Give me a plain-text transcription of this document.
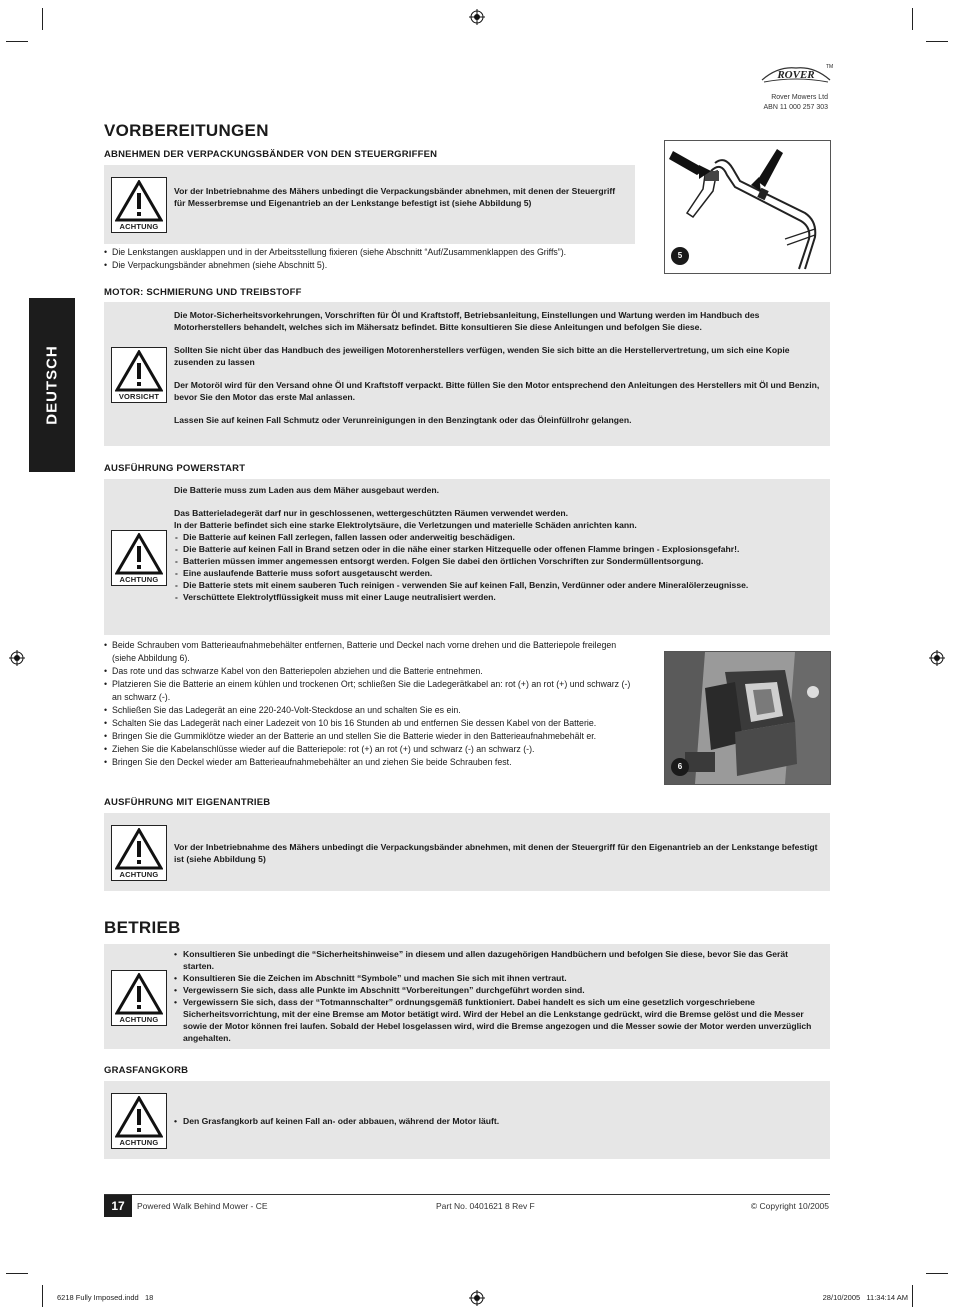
ROVER
TM
Rover Mowers Ltd
ABN 11 000 257 303
DEUTSCH
VORBEREITUNGEN
ABNEHMEN DER VERPACKUNGSBÄNDER VON DEN STEUERGRIFFEN
ACHTUNG
Vor der Inbetriebnahme des Mähers unbedingt die Verpackungsbänder abnehmen, mit denen der Steuergriff für Messerbremse und Eigenantrieb an der Lenkstange befestigt ist (siehe Abbildung 5)
• Die Lenkstangen ausklappen und in der Arbeitsstellung fixieren (siehe Abschnitt “Auf/Zusammenklappen des Griffs”).
• Die Verpackungsbänder abnehmen (siehe Abschnitt 5).
5
MOTOR: SCHMIERUNG UND TREIBSTOFF
VORSICHT

Die Motor-Sicherheitsvorkehrungen, Vorschriften für Öl und Kraftstoff, Betriebsanleitung, Einstellungen und Wartung werden im Handbuch des Motorherstellers behandelt, welches sich im Mähersatz befindet. Bitte konsultieren Sie diese Anleitungen und befolgen Sie diese.

Sollten Sie nicht über das Handbuch des jeweiligen Motorenherstellers verfügen, wenden Sie sich bitte an die Herstellervertretung, um sich eine Kopie zusenden zu lassen

Der Motoröl wird für den Versand ohne Öl und Kraftstoff verpackt. Bitte füllen Sie den Motor entsprechend den Anleitungen des Herstellers mit Öl und Benzin, bevor Sie den Motor das erste Mal anlassen.

Lassen Sie auf keinen Fall Schmutz oder Verunreinigungen in den Benzingtank oder das Öleinfüllrohr gelangen.

AUSFÜHRUNG POWERSTART
ACHTUNG

Die Batterie muss zum Laden aus dem Mäher ausgebaut werden.

Das Batterieladegerät darf nur in geschlossenen, wettergeschützten Räumen verwendet werden.
In der Batterie befindet sich eine starke Elektrolytsäure, die Verletzungen und materielle Schäden anrichten kann.
- Die Batterie auf keinen Fall zerlegen, fallen lassen oder anderweitig beschädigen.
- Die Batterie auf keinen Fall in Brand setzen oder in die nähe einer starken Hitzequelle oder offenen Flamme bringen - Explosionsgefahr!.
- Batterien müssen immer angemessen entsorgt werden. Folgen Sie dabei den örtlichen Vorschriften zur Sondermüllentsorgung.
- Eine auslaufende Batterie muss sofort ausgetauscht werden.
- Die Batterie stets mit einem sauberen Tuch reinigen - verwenden Sie auf keinen Fall, Benzin, Verdünner oder andere Mineralölerzeugnisse.
- Verschüttete Elektrolytflüssigkeit muss mit einer Lauge neutralisiert werden.
• Beide Schrauben vom Batterieaufnahmebehälter entfernen, Batterie und Deckel nach vorne drehen und die Batteriepole freilegen (siehe Abbildung 6).
• Das rote und das schwarze Kabel von den Batteriepolen abziehen und die Batterie entnehmen.
• Platzieren Sie die Batterie an einem kühlen und trockenen Ort; schließen Sie die Ladegerätkabel an: rot (+) an rot (+) und schwarz (-) an schwarz (-).
• Schließen Sie das Ladegerät an eine 220-240-Volt-Steckdose an und schalten Sie es ein.
• Schalten Sie das Ladegerät nach einer Ladezeit von 10 bis 16 Stunden ab und entfernen Sie dessen Kabel von der Batterie.
• Bringen Sie die Gummiklötze wieder an der Batterie an und stellen Sie die Batterie wieder in den Batterieaufnahmebehält er.
• Ziehen Sie die Kabelanschlüsse wieder auf die Batteriepole: rot (+) an rot (+) und schwarz (-) an schwarz (-).
• Bringen Sie den Deckel wieder am Batterieaufnahmebehälter an und ziehen Sie beide Schrauben fest.	6
AUSFÜHRUNG MIT EIGENANTRIEB
ACHTUNG
Vor der Inbetriebnahme des Mähers unbedingt die Verpackungsbänder abnehmen, mit denen der Steuergriff für den Eigenantrieb an der Lenkstange befestigt ist (siehe Abbildung 5)
BETRIEB
ACHTUNG
• Konsultieren Sie unbedingt die “Sicherheitshinweise” in diesem und allen dazugehörigen Handbüchern und befolgen Sie diese, bevor Sie das Gerät starten.
• Konsultieren Sie die Zeichen im Abschnitt “Symbole” und machen Sie sich mit ihnen vertraut.
• Vergewissern Sie sich, dass alle Punkte im Abschnitt “Vorbereitungen” durchgeführt worden sind.
• Vergewissern Sie sich, dass der “Totmannschalter” ordnungsgemäß funktioniert. Dabei handelt es sich um eine gesetzlich vorgeschriebene Sicherheitsvorrichtung, mit der eine Bremse am Motor betätigt wird. Wird der Hebel an die Lenkstange gedrückt, wird die Bremse gelöst und die Messer sowie der Motor können frei laufen. Sobald der Hebel losgelassen wird, wird die Bremse angezogen und die Messer sowie der Motor werden unverzüglich angehalten.
GRASFANGKORB
ACHTUNG
• Den Grasfangkorb auf keinen Fall an- oder abbauen, während der Motor läuft.
17	Powered Walk Behind Mower - CE	Part No. 0401621 8 Rev F	© Copyright 10/2005
6218 Fully Imposed.indd   18	28/10/2005   11:34:14 AM
